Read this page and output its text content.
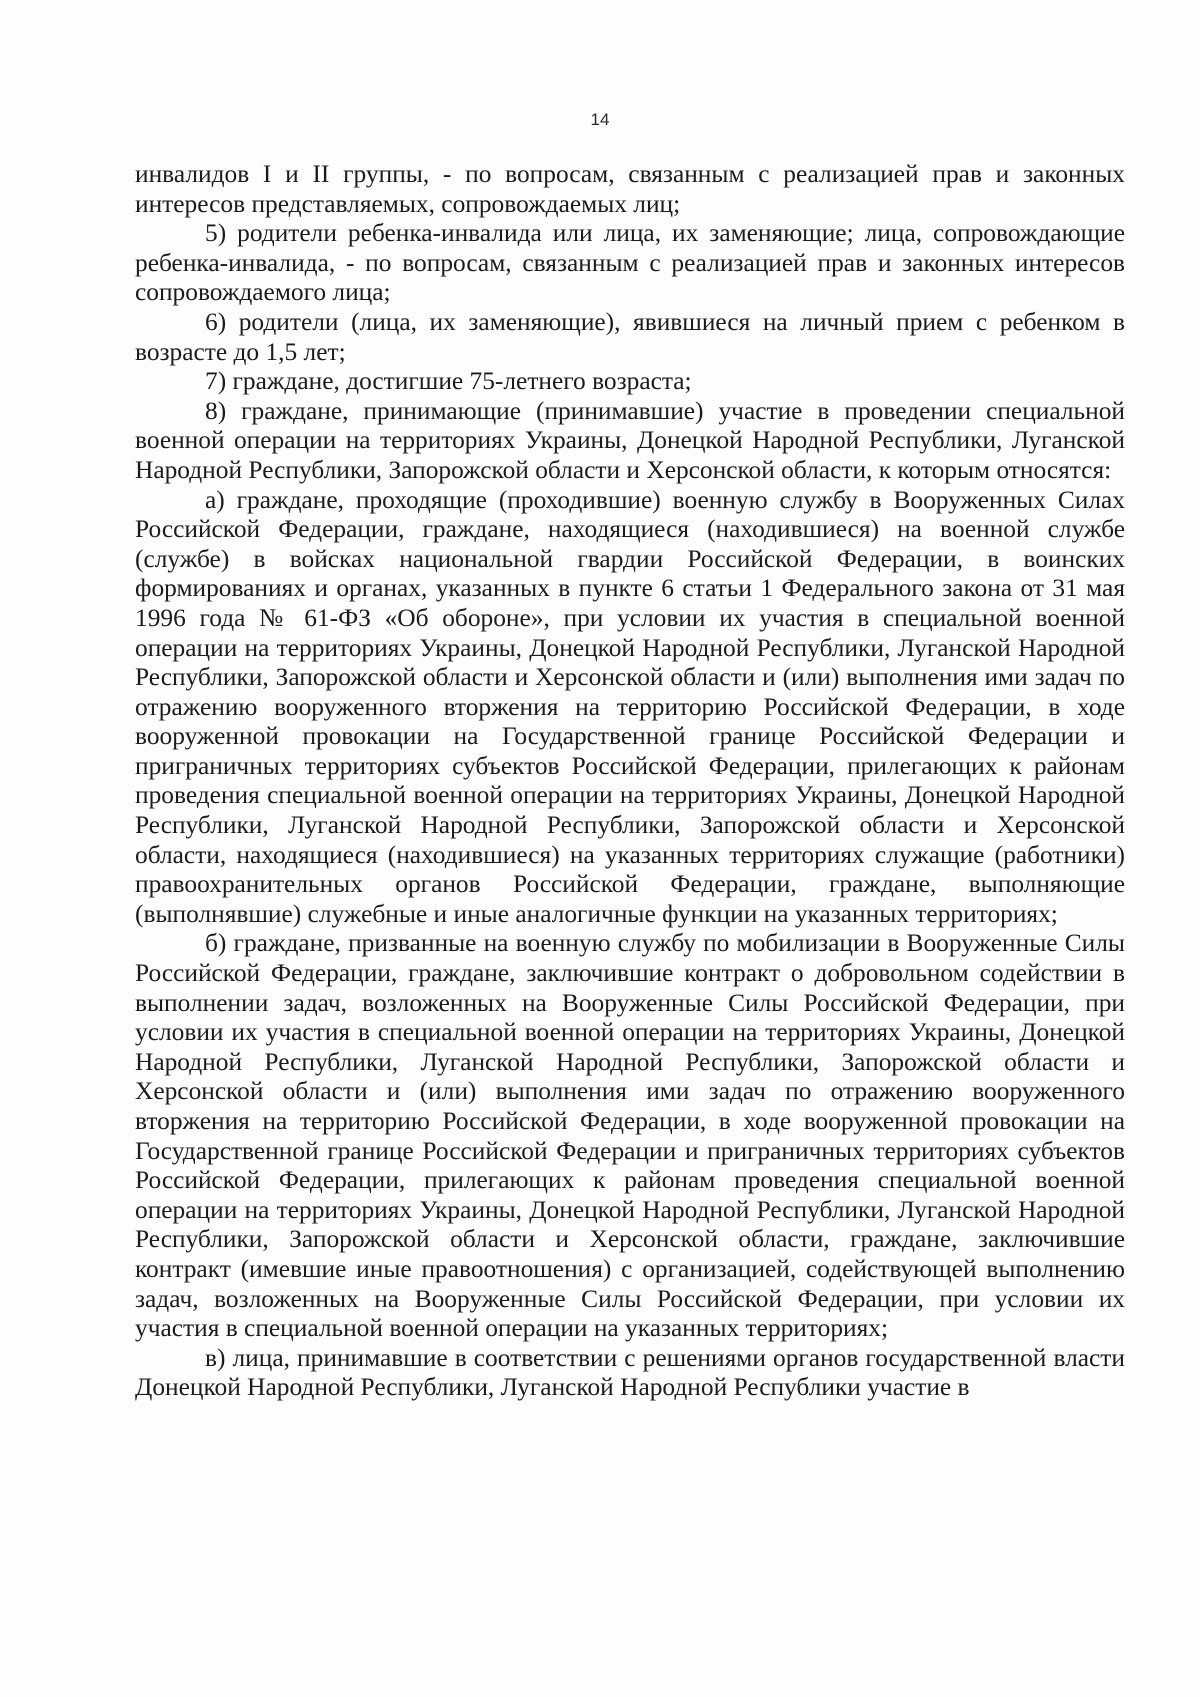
14

инвалидов I и II группы, - по вопросам, связанным с реализацией прав и законных интересов представляемых, сопровождаемых лиц;

5) родители ребенка-инвалида или лица, их заменяющие; лица, сопровождающие ребенка-инвалида, - по вопросам, связанным с реализацией прав и законных интересов сопровождаемого лица;

6) родители (лица, их заменяющие), явившиеся на личный прием с ребенком в возрасте до 1,5 лет;

7) граждане, достигшие 75-летнего возраста;

8) граждане, принимающие (принимавшие) участие в проведении специальной военной операции на территориях Украины, Донецкой Народной Республики, Луганской Народной Республики, Запорожской области и Херсонской области, к которым относятся:

а) граждане, проходящие (проходившие) военную службу в Вооруженных Силах Российской Федерации, граждане, находящиеся (находившиеся) на военной службе (службе) в войсках национальной гвардии Российской Федерации, в воинских формированиях и органах, указанных в пункте 6 статьи 1 Федерального закона от 31 мая 1996 года № 61-ФЗ «Об обороне», при условии их участия в специальной военной операции на территориях Украины, Донецкой Народной Республики, Луганской Народной Республики, Запорожской области и Херсонской области и (или) выполнения ими задач по отражению вооруженного вторжения на территорию Российской Федерации, в ходе вооруженной провокации на Государственной границе Российской Федерации и приграничных территориях субъектов Российской Федерации, прилегающих к районам проведения специальной военной операции на территориях Украины, Донецкой Народной Республики, Луганской Народной Республики, Запорожской области и Херсонской области, находящиеся (находившиеся) на указанных территориях служащие (работники) правоохранительных органов Российской Федерации, граждане, выполняющие (выполнявшие) служебные и иные аналогичные функции на указанных территориях;

б) граждане, призванные на военную службу по мобилизации в Вооруженные Силы Российской Федерации, граждане, заключившие контракт о добровольном содействии в выполнении задач, возложенных на Вооруженные Силы Российской Федерации, при условии их участия в специальной военной операции на территориях Украины, Донецкой Народной Республики, Луганской Народной Республики, Запорожской области и Херсонской области и (или) выполнения ими задач по отражению вооруженного вторжения на территорию Российской Федерации, в ходе вооруженной провокации на Государственной границе Российской Федерации и приграничных территориях субъектов Российской Федерации, прилегающих к районам проведения специальной военной операции на территориях Украины, Донецкой Народной Республики, Луганской Народной Республики, Запорожской области и Херсонской области, граждане, заключившие контракт (имевшие иные правоотношения) с организацией, содействующей выполнению задач, возложенных на Вооруженные Силы Российской Федерации, при условии их участия в специальной военной операции на указанных территориях;

в) лица, принимавшие в соответствии с решениями органов государственной власти Донецкой Народной Республики, Луганской Народной Республики участие в
